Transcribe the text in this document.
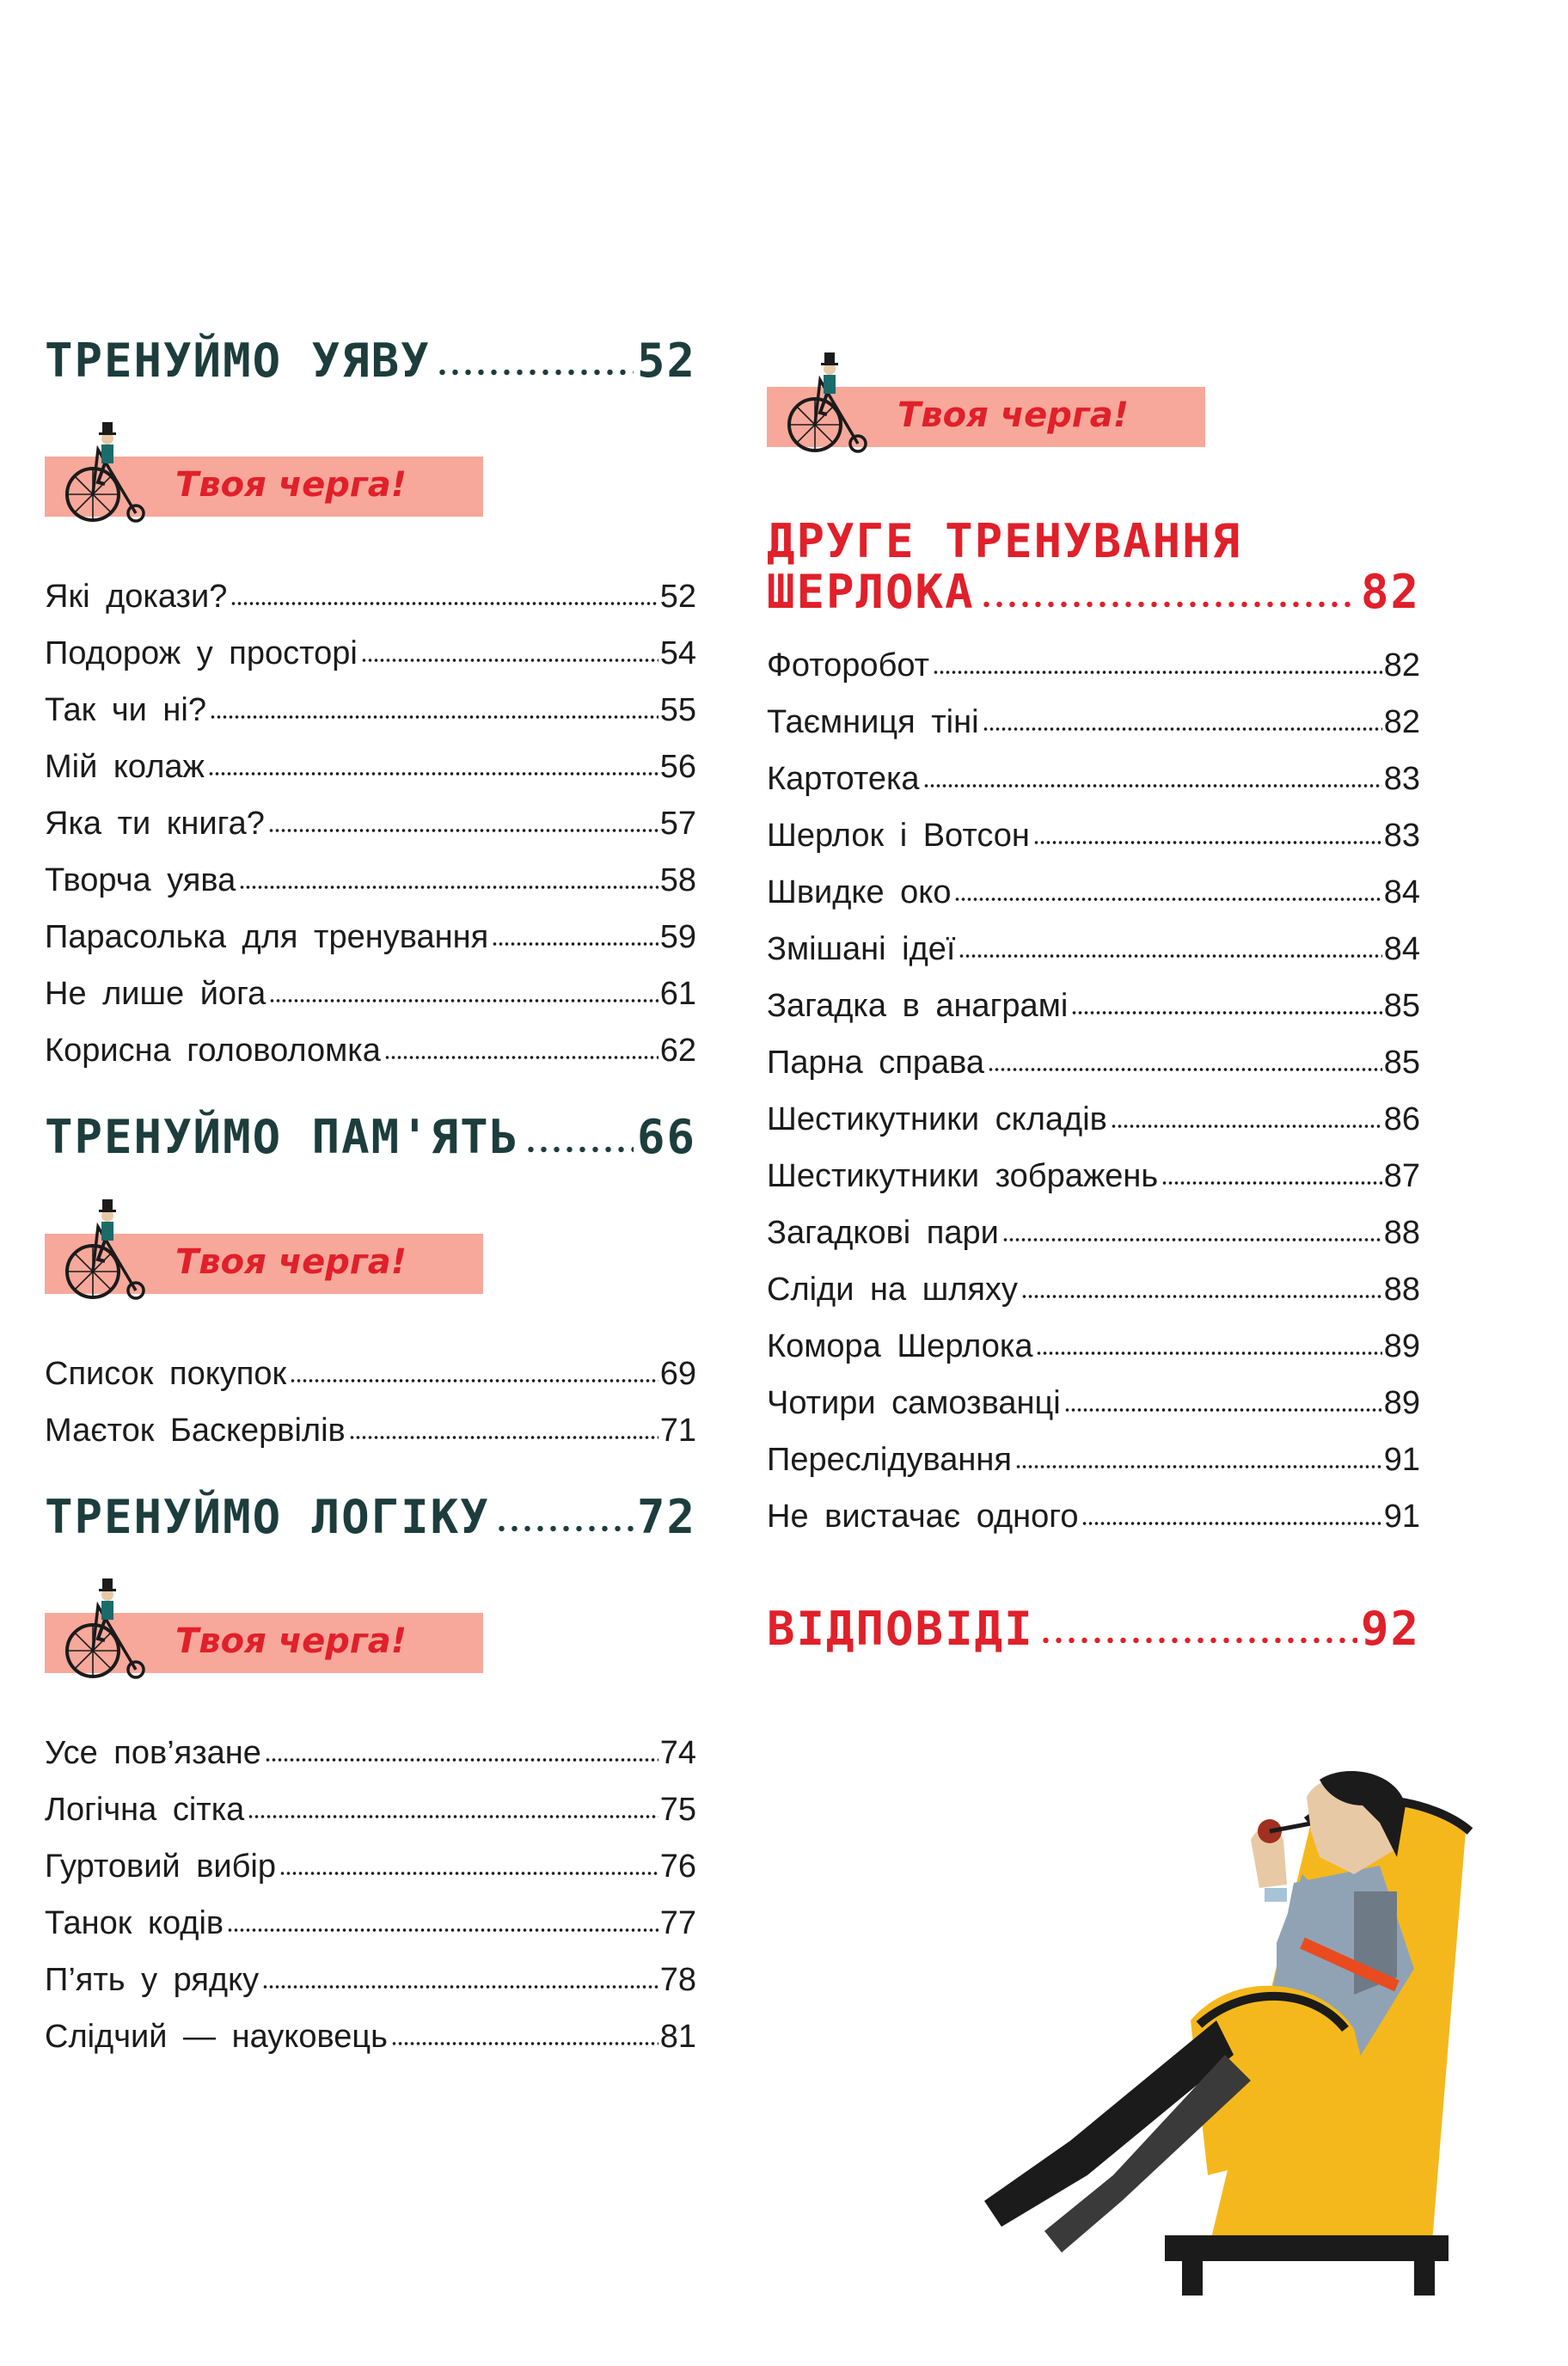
ТРЕНУЙМО УЯВУ	52
Твоя черга!
Які докази?	52
Подорож у просторі	54
Так чи ні?	55
Мій колаж	56
Яка ти книга?	57
Творча уява	58
Парасолька для тренування	59
Не лише йога	61
Корисна головоломка	62
ТРЕНУЙМО ПАМ'ЯТЬ	66
Твоя черга!
Список покупок	69
Маєток Баскервілів	71
ТРЕНУЙМО ЛОГІКУ	72
Твоя черга!
Усе пов’язане	74
Логічна сітка	75
Гуртовий вибір	76
Танок кодів	77
П’ять у рядку	78
Слідчий — науковець	81
Твоя черга!
ДРУГЕ ТРЕНУВАННЯ
ШЕРЛОКА	82
Фоторобот	82
Таємниця тіні	82
Картотека	83
Шерлок і Вотсон	83
Швидке око	84
Змішані ідеї	84
Загадка в анаграмі	85
Парна справа	85
Шестикутники складів	86
Шестикутники зображень	87
Загадкові пари	88
Сліди на шляху	88
Комора Шерлока	89
Чотири самозванці	89
Переслідування	91
Не вистачає одного	91
ВІДПОВІДІ	92
